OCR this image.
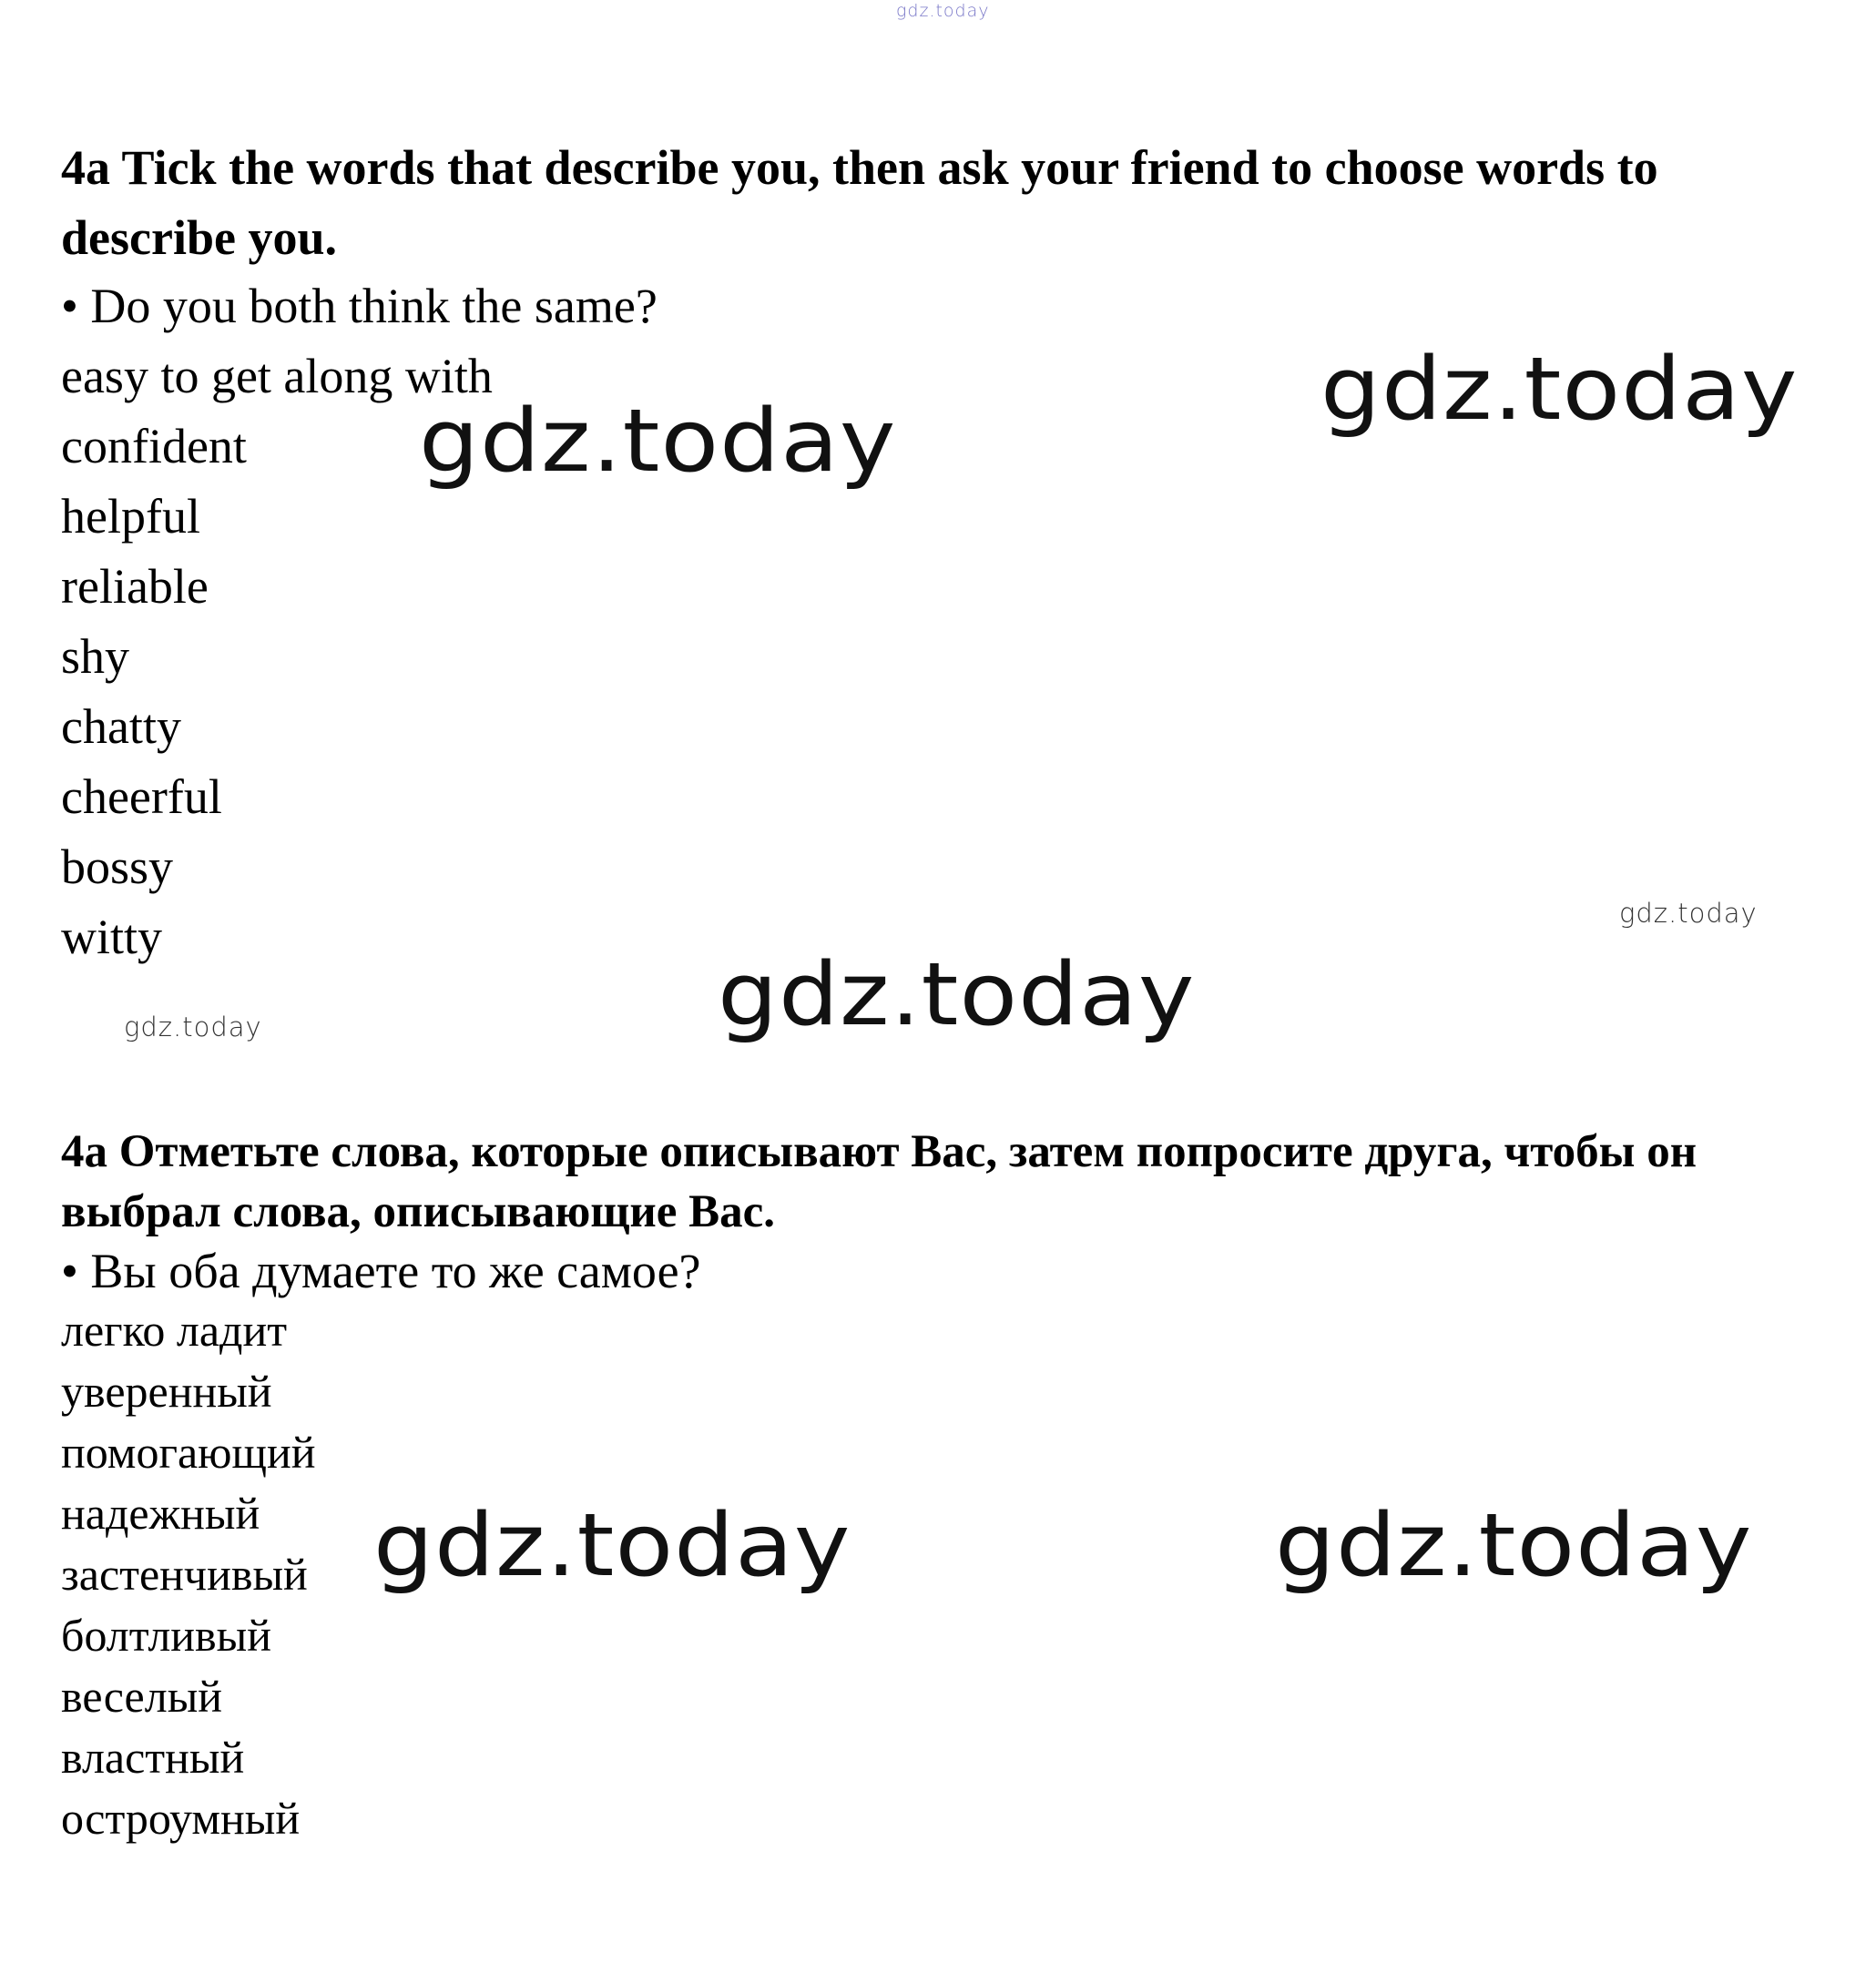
gdz.today
4a Tick the words that describe you, then ask your friend to choose words to describe you.

• Do you both think the same?

easy to get along with
confident
helpful
reliable
shy
chatty
cheerful
bossy
witty
4a Отметьте слова, которые описывают Вас, затем попросите друга, чтобы он выбрал слова, описывающие Вас.

• Вы оба думаете то же самое?

легко ладит
уверенный
помогающий
надежный
застенчивый
болтливый
веселый
властный
остроумный
gdz.today
gdz.today
gdz.today
gdz.today
gdz.today
gdz.today	gdz.today
